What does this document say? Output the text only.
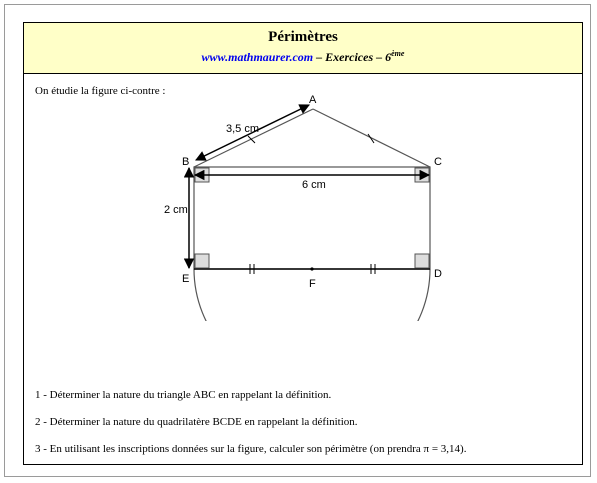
Périmètres
www.mathmaurer.com – Exercices – 6ème
On étudie la figure ci-contre :
A
B	C
D
E	F
3,5 cm
6 cm
2 cm
1 - Déterminer la nature du triangle ABC en rappelant la définition.
2 - Déterminer la nature du quadrilatère BCDE en rappelant la définition.
3 - En utilisant les inscriptions données sur la figure, calculer son périmètre (on prendra π = 3,14).
